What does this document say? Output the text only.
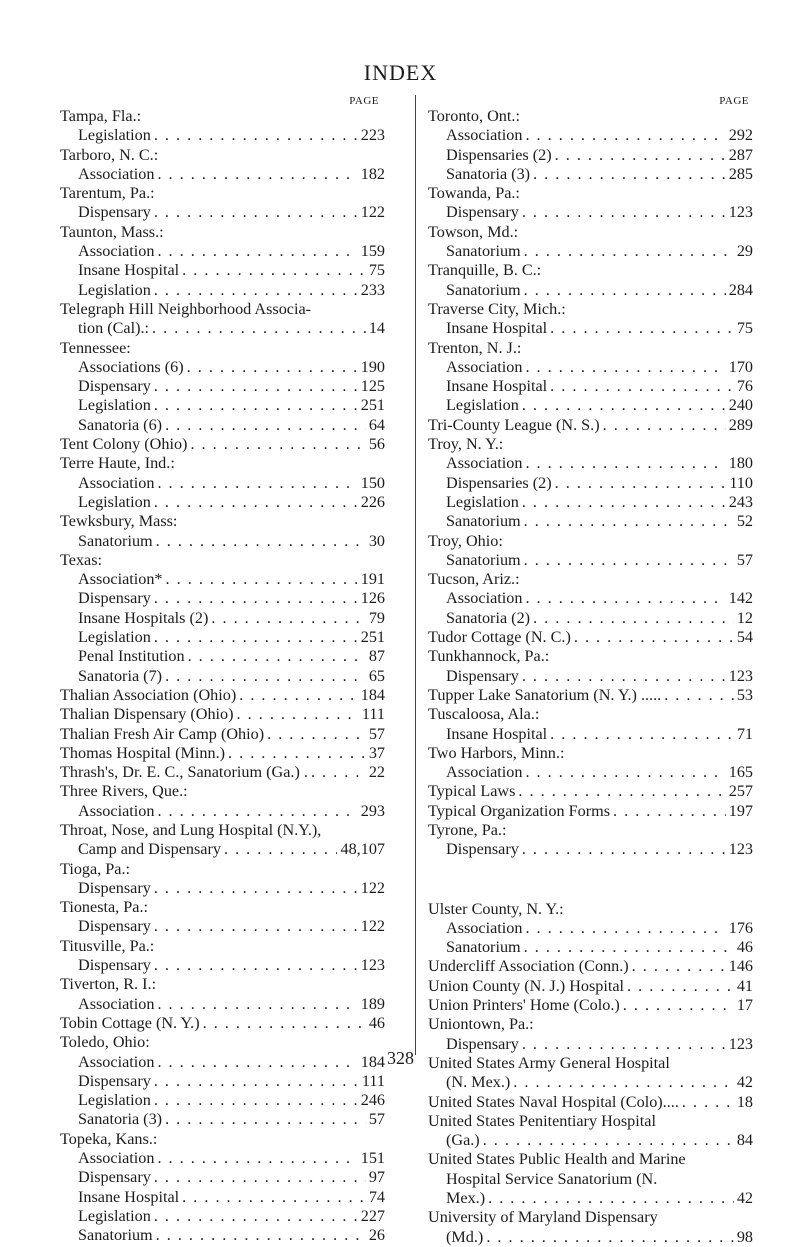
INDEX
PAGE
Tampa, Fla.:
Legislation . . .	223
Tarboro, N. C.:
Association . . .	182
Tarentum, Pa.:
Dispensary . . .	122
Taunton, Mass.:
Association . . .	159
Insane Hospital . . .	75
Legislation . . .	233
Telegraph Hill Neighborhood Associa-
tion (Cal).: . . .	14
Tennessee:
Associations (6) . . .	190
Dispensary . . .	125
Legislation . . .	251
Sanatoria (6) . . .	64
Tent Colony (Ohio) . . .	56
Terre Haute, Ind.:
Association . . .	150
Legislation . . .	226
Tewksbury, Mass:
Sanatorium . . .	30
Texas:
Association* . . .	191
Dispensary . . .	126
Insane Hospitals (2) . . .	79
Legislation . . .	251
Penal Institution . . .	87
Sanatoria (7) . . .	65
Thalian Association (Ohio) . . .	184
Thalian Dispensary (Ohio) . . .	111
Thalian Fresh Air Camp (Ohio) . . .	57
Thomas Hospital (Minn.) . . .	37
Thrash's, Dr. E. C., Sanatorium (Ga.) . . . .	22
Three Rivers, Que.:
Association . . .	293
Throat, Nose, and Lung Hospital (N.Y.),
Camp and Dispensary . . .	48,107
Tioga, Pa.:
Dispensary . . .	122
Tionesta, Pa.:
Dispensary . . .	122
Titusville, Pa.:
Dispensary . . .	123
Tiverton, R. I.:
Association . . .	189
Tobin Cottage (N. Y.) . . .	46
Toledo, Ohio:
Association . . .	184
Dispensary . . .	111
Legislation . . .	246
Sanatoria (3) . . .	57
Topeka, Kans.:
Association . . .	151
Dispensary . . .	97
Insane Hospital . . .	74
Legislation . . .	227
Sanatorium . . .	26
PAGE
Toronto, Ont.:
Association . . .	292
Dispensaries (2) . . .	287
Sanatoria (3) . . .	285
Towanda, Pa.:
Dispensary . . .	123
Towson, Md.:
Sanatorium . . .	29
Tranquille, B. C.:
Sanatorium . . .	284
Traverse City, Mich.:
Insane Hospital . . .	75
Trenton, N. J.:
Association . . .	170
Insane Hospital . . .	76
Legislation . . .	240
Tri-County League (N. S.) . . .	289
Troy, N. Y.:
Association . . .	180
Dispensaries (2) . . .	110
Legislation . . .	243
Sanatorium . . .	52
Troy, Ohio:
Sanatorium . . .	57
Tucson, Ariz.:
Association . . .	142
Sanatoria (2) . . .	12
Tudor Cottage (N. C.) . . .	54
Tunkhannock, Pa.:
Dispensary . . .	123
Tupper Lake Sanatorium (N. Y.) ..... . . .	53
Tuscaloosa, Ala.:
Insane Hospital . . .	71
Two Harbors, Minn.:
Association . . .	165
Typical Laws . . .	257
Typical Organization Forms . . .	197
Tyrone, Pa.:
Dispensary . . .	123
Ulster County, N. Y.:
Association . . .	176
Sanatorium . . .	46
Undercliff Association (Conn.) . . .	146
Union County (N. J.) Hospital . . .	41
Union Printers' Home (Colo.) . . .	17
Uniontown, Pa.:
Dispensary . . .	123
United States Army General Hospital
(N. Mex.) . . .	42
United States Naval Hospital (Colo).... . . .	18
United States Penitentiary Hospital
(Ga.) . . .	84
United States Public Health and Marine
Hospital Service Sanatorium (N.
Mex.) . . .	42
University of Maryland Dispensary
(Md.) . . .	98
328
